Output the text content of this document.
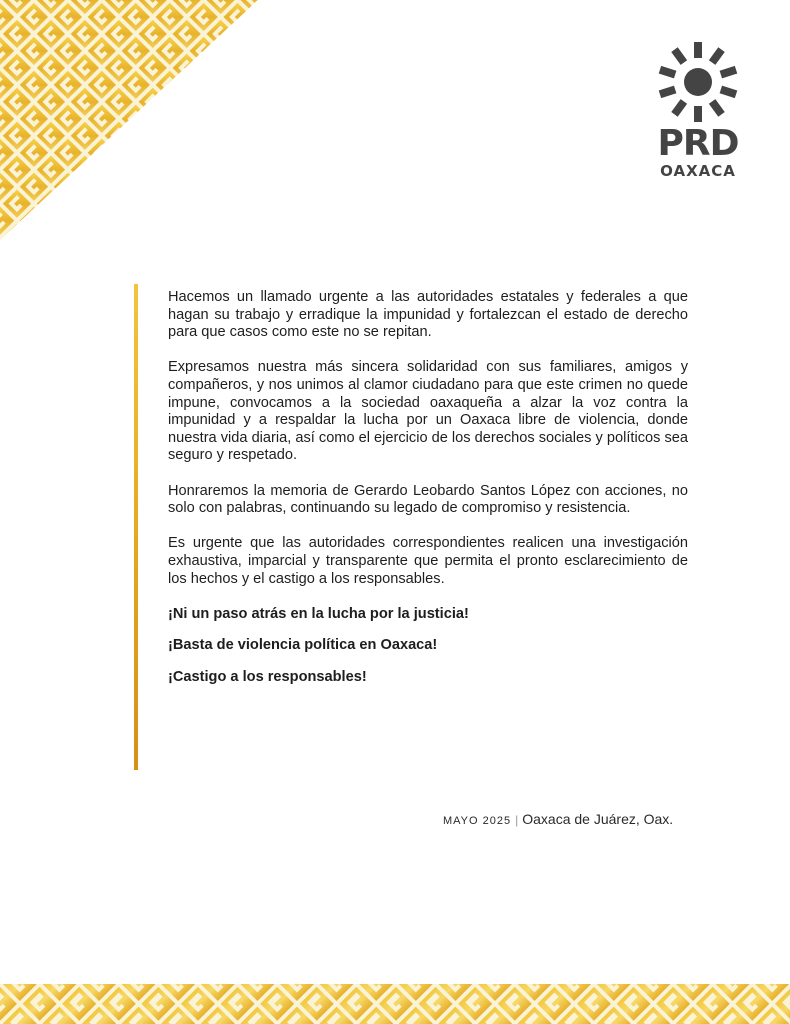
PRD
OAXACA

Hacemos un llamado urgente a las autoridades estatales y federales a que hagan su trabajo y erradique la impunidad y fortalezcan el estado de derecho para que casos como este no se repitan.

Expresamos nuestra más sincera solidaridad con sus familiares, amigos y compañeros, y nos unimos al clamor ciudadano para que este crimen no quede impune, convocamos a la sociedad oaxaqueña a alzar la voz contra la impunidad y a respaldar la lucha por un Oaxaca libre de violencia, donde nuestra vida diaria, así como el ejercicio de los derechos sociales y políticos sea seguro y respetado.

Honraremos la memoria de Gerardo Leobardo Santos López con acciones, no solo con palabras, continuando su legado de compromiso y resistencia.

Es urgente que las autoridades correspondientes realicen una investigación exhaustiva, imparcial y transparente que permita el pronto esclarecimiento de los hechos y el castigo a los responsables.

¡Ni un paso atrás en la lucha por la justicia!

¡Basta de violencia política en Oaxaca!

¡Castigo a los responsables!

MAYO 2025 | Oaxaca de Juárez, Oax.
